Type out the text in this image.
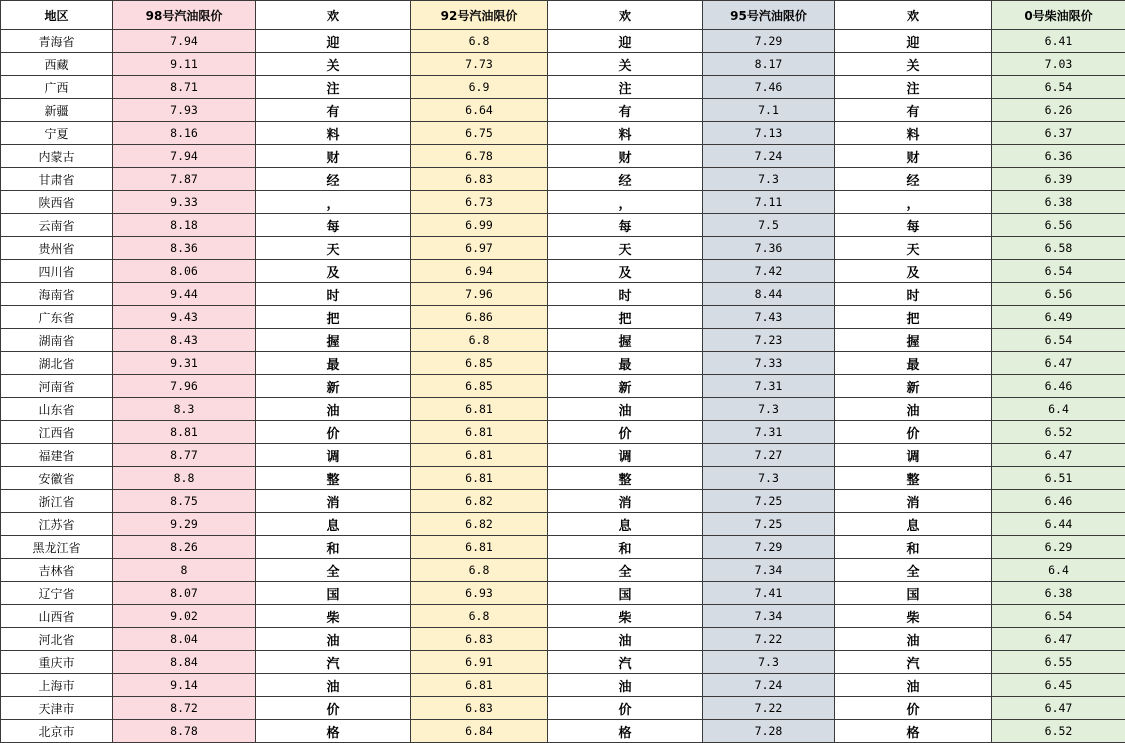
地区	98号汽油限价	欢	92号汽油限价	欢	95号汽油限价	欢	0号柴油限价
青海省	7.94	迎	6.8	迎	7.29	迎	6.41
西藏	9.11	关	7.73	关	8.17	关	7.03
广西	8.71	注	6.9	注	7.46	注	6.54
新疆	7.93	有	6.64	有	7.1	有	6.26
宁夏	8.16	料	6.75	料	7.13	料	6.37
内蒙古	7.94	财	6.78	财	7.24	财	6.36
甘肃省	7.87	经	6.83	经	7.3	经	6.39
陕西省	9.33	，	6.73	，	7.11	，	6.38
云南省	8.18	每	6.99	每	7.5	每	6.56
贵州省	8.36	天	6.97	天	7.36	天	6.58
四川省	8.06	及	6.94	及	7.42	及	6.54
海南省	9.44	时	7.96	时	8.44	时	6.56
广东省	9.43	把	6.86	把	7.43	把	6.49
湖南省	8.43	握	6.8	握	7.23	握	6.54
湖北省	9.31	最	6.85	最	7.33	最	6.47
河南省	7.96	新	6.85	新	7.31	新	6.46
山东省	8.3	油	6.81	油	7.3	油	6.4
江西省	8.81	价	6.81	价	7.31	价	6.52
福建省	8.77	调	6.81	调	7.27	调	6.47
安徽省	8.8	整	6.81	整	7.3	整	6.51
浙江省	8.75	消	6.82	消	7.25	消	6.46
江苏省	9.29	息	6.82	息	7.25	息	6.44
黑龙江省	8.26	和	6.81	和	7.29	和	6.29
吉林省	8	全	6.8	全	7.34	全	6.4
辽宁省	8.07	国	6.93	国	7.41	国	6.38
山西省	9.02	柴	6.8	柴	7.34	柴	6.54
河北省	8.04	油	6.83	油	7.22	油	6.47
重庆市	8.84	汽	6.91	汽	7.3	汽	6.55
上海市	9.14	油	6.81	油	7.24	油	6.45
天津市	8.72	价	6.83	价	7.22	价	6.47
北京市	8.78	格	6.84	格	7.28	格	6.52
